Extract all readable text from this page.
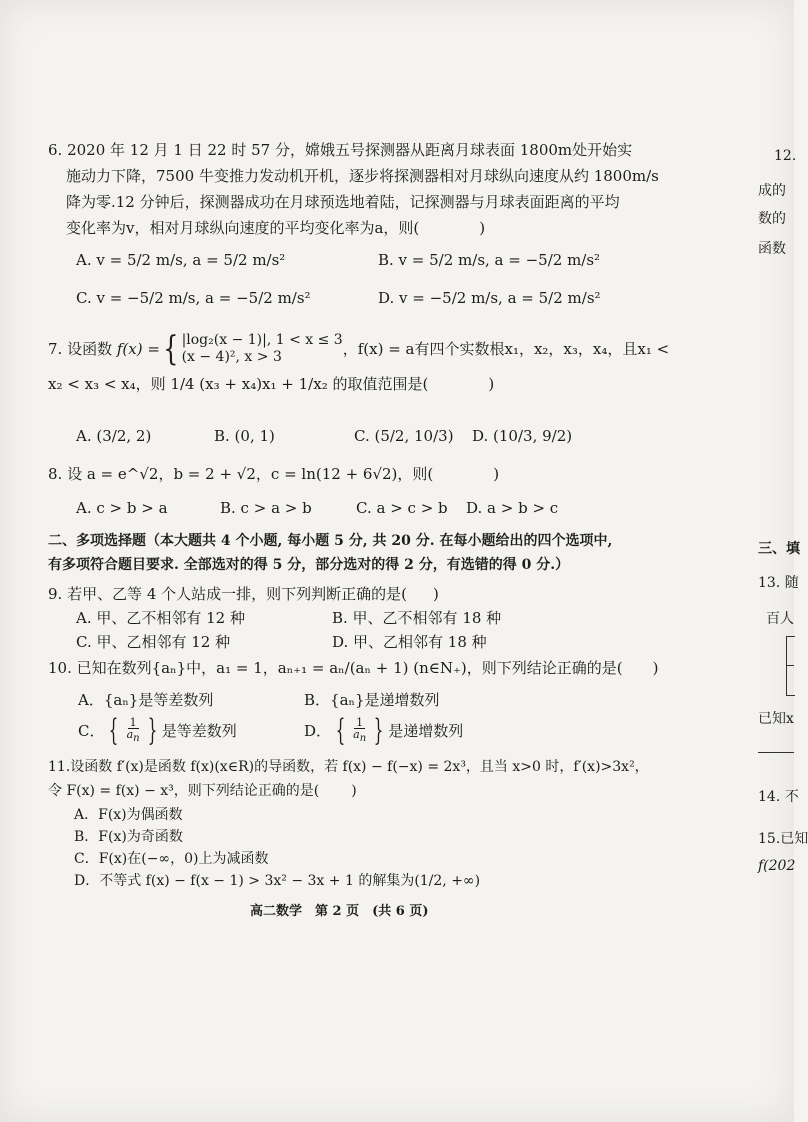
6. 2020 年 12 月 1 日 22 时 57 分，嫦娥五号探测器从距离月球表面 1800m处开始实
施动力下降，7500 牛变推力发动机开机，逐步将探测器相对月球纵向速度从约 1800m/s
降为零.12 分钟后，探测器成功在月球预选地着陆，记探测器与月球表面距离的平均
变化率为v，相对月球纵向速度的平均变化率为a，则(	)
A. v = 5/2 m/s, a = 5/2 m/s²	B. v = 5/2 m/s, a = −5/2 m/s²
C. v = −5/2 m/s, a = −5/2 m/s²	D. v = −5/2 m/s, a = 5/2 m/s²
7. 设函数 f(x) = { |log₂(x − 1)|, 1 < x ≤ 3
(x − 4)², x > 3	，f(x) = a有四个实数根x₁，x₂，x₃，x₄，且x₁ <
x₂ < x₃ < x₄，则 1/4 (x₃ + x₄)x₁ + 1/x₂ 的取值范围是(	)
A. (3/2, 2)	B. (0, 1)	C. (5/2, 10/3) D. (10/3, 9/2)
8. 设 a = e^√2，b = 2 + √2，c = ln(12 + 6√2)，则(	)
A. c > b > a	B. c > a > b	C. a > c > b D. a > b > c
二、多项选择题（本大题共 4 个小题, 每小题 5 分, 共 20 分. 在每小题给出的四个选项中,
有多项符合题目要求. 全部选对的得 5 分，部分选对的得 2 分，有选错的得 0 分.）
9. 若甲、乙等 4 个人站成一排，则下列判断正确的是( )
A. 甲、乙不相邻有 12 种	B. 甲、乙不相邻有 18 种
C. 甲、乙相邻有 12 种	D. 甲、乙相邻有 18 种
10. 已知在数列{aₙ}中，a₁ = 1，aₙ₊₁ = aₙ/(aₙ + 1) (n∈N₊)，则下列结论正确的是( )
A．{aₙ}是等差数列	B．{aₙ}是递增数列
C． { $\frac{1}{an}$ } 是等差数列	D． { $\frac{1}{an}$ } 是递增数列
11.设函数 f′(x)是函数 f(x)(x∈R)的导函数，若 f(x) − f(−x) = 2x³，且当 x>0 时，f′(x)>3x²，
令 F(x) = f(x) − x³，则下列结论正确的是( )
A．F(x)为偶函数
B．F(x)为奇函数
C．F(x)在(−∞，0)上为减函数
D．不等式 f(x) − f(x − 1) > 3x² − 3x + 1 的解集为(1/2, +∞)
高二数学　第 2 页　(共 6 页)
12.
成的
数的
函数
三、填
13. 随
百人
已知x
14. 不
15.已知
f(202
